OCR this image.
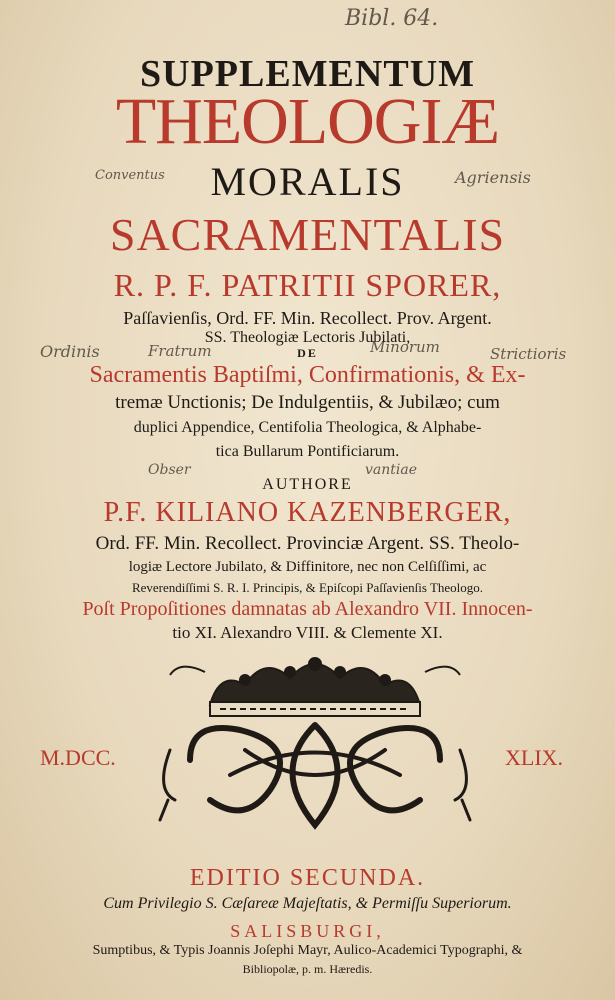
Bibl. 64.
Conventus	Agriensis
Ordinis	Fratrum	Minorum	Strictioris
Obser	vantiae
SUPPLEMENTUM
THEOLOGIÆ
MORALIS
SACRAMENTALIS
R. P. F. PATRITII SPORER,
Paſſavienſis, Ord. FF. Min. Recollect. Prov. Argent.
SS. Theologiæ Lectoris Jubilati,
DE
Sacramentis Baptiſmi, Confirmationis, & Ex-
tremæ Unctionis; De Indulgentiis, & Jubilæo; cum
duplici Appendice, Centifolia Theologica, & Alphabe-
tica Bullarum Pontificiarum.
AUTHORE
P.F. KILIANO KAZENBERGER,
Ord. FF. Min. Recollect. Provinciæ Argent. SS. Theolo-
logiæ Lectore Jubilato, & Diffinitore, nec non Celſiſſimi, ac
Reverendiſſimi S. R. I. Principis, & Epiſcopi Paſſavienſis Theologo.
Poſt Propoſitiones damnatas ab Alexandro VII. Innocen-
tio XI. Alexandro VIII. & Clemente XI.
M.DCC.	XLIX.
EDITIO SECUNDA.
Cum Privilegio S. Cæſareæ Majeſtatis, & Permiſſu Superiorum.
SALISBURGI,
Sumptibus, & Typis Joannis Joſephi Mayr, Aulico-Academici Typographi, &
Bibliopolæ, p. m. Hæredis.
